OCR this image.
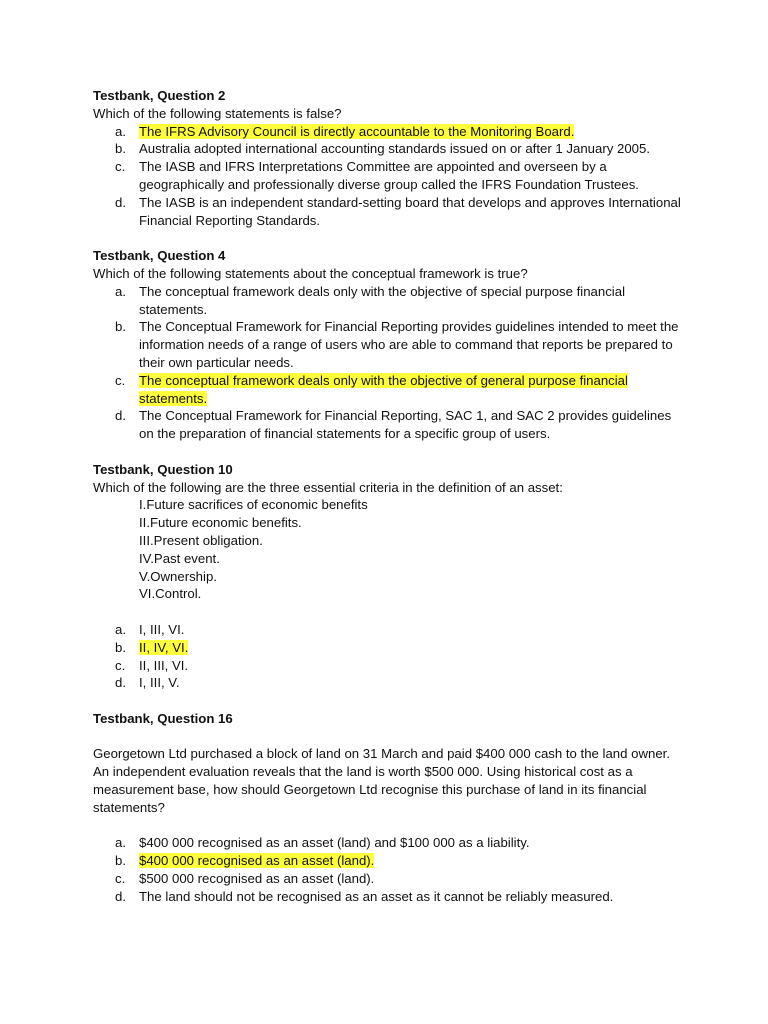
Testbank, Question 2
Which of the following statements is false?
a. The IFRS Advisory Council is directly accountable to the Monitoring Board.
b. Australia adopted international accounting standards issued on or after 1 January 2005.
c.	The IASB and IFRS Interpretations Committee are appointed and overseen by a geographically and professionally diverse group called the IFRS Foundation Trustees.
d. The IASB is an independent standard-setting board that develops and approves International Financial Reporting Standards.
Testbank, Question 4
Which of the following statements about the conceptual framework is true?
a. The conceptual framework deals only with the objective of special purpose financial statements.
b. The Conceptual Framework for Financial Reporting provides guidelines intended to meet the information needs of a range of users who are able to command that reports be prepared to their own particular needs.
c.	The conceptual framework deals only with the objective of general purpose financial statements.
d. The Conceptual Framework for Financial Reporting, SAC 1, and SAC 2 provides guidelines on the preparation of financial statements for a specific group of users.
Testbank, Question 10
Which of the following are the three essential criteria in the definition of an asset:
I.Future sacrifices of economic benefits
II.Future economic benefits.
III.Present obligation.
IV.Past event.
V.Ownership.
VI.Control.
a. I, III, VI.
b. II, IV, VI.
c.	II, III, VI.
d. I, III, V.
Testbank, Question 16
Georgetown Ltd purchased a block of land on 31 March and paid $400 000 cash to the land owner. An independent evaluation reveals that the land is worth $500 000. Using historical cost as a measurement base, how should Georgetown Ltd recognise this purchase of land in its financial statements?
a. $400 000 recognised as an asset (land) and $100 000 as a liability.
b. $400 000 recognised as an asset (land).
c.	$500 000 recognised as an asset (land).
d. The land should not be recognised as an asset as it cannot be reliably measured.
